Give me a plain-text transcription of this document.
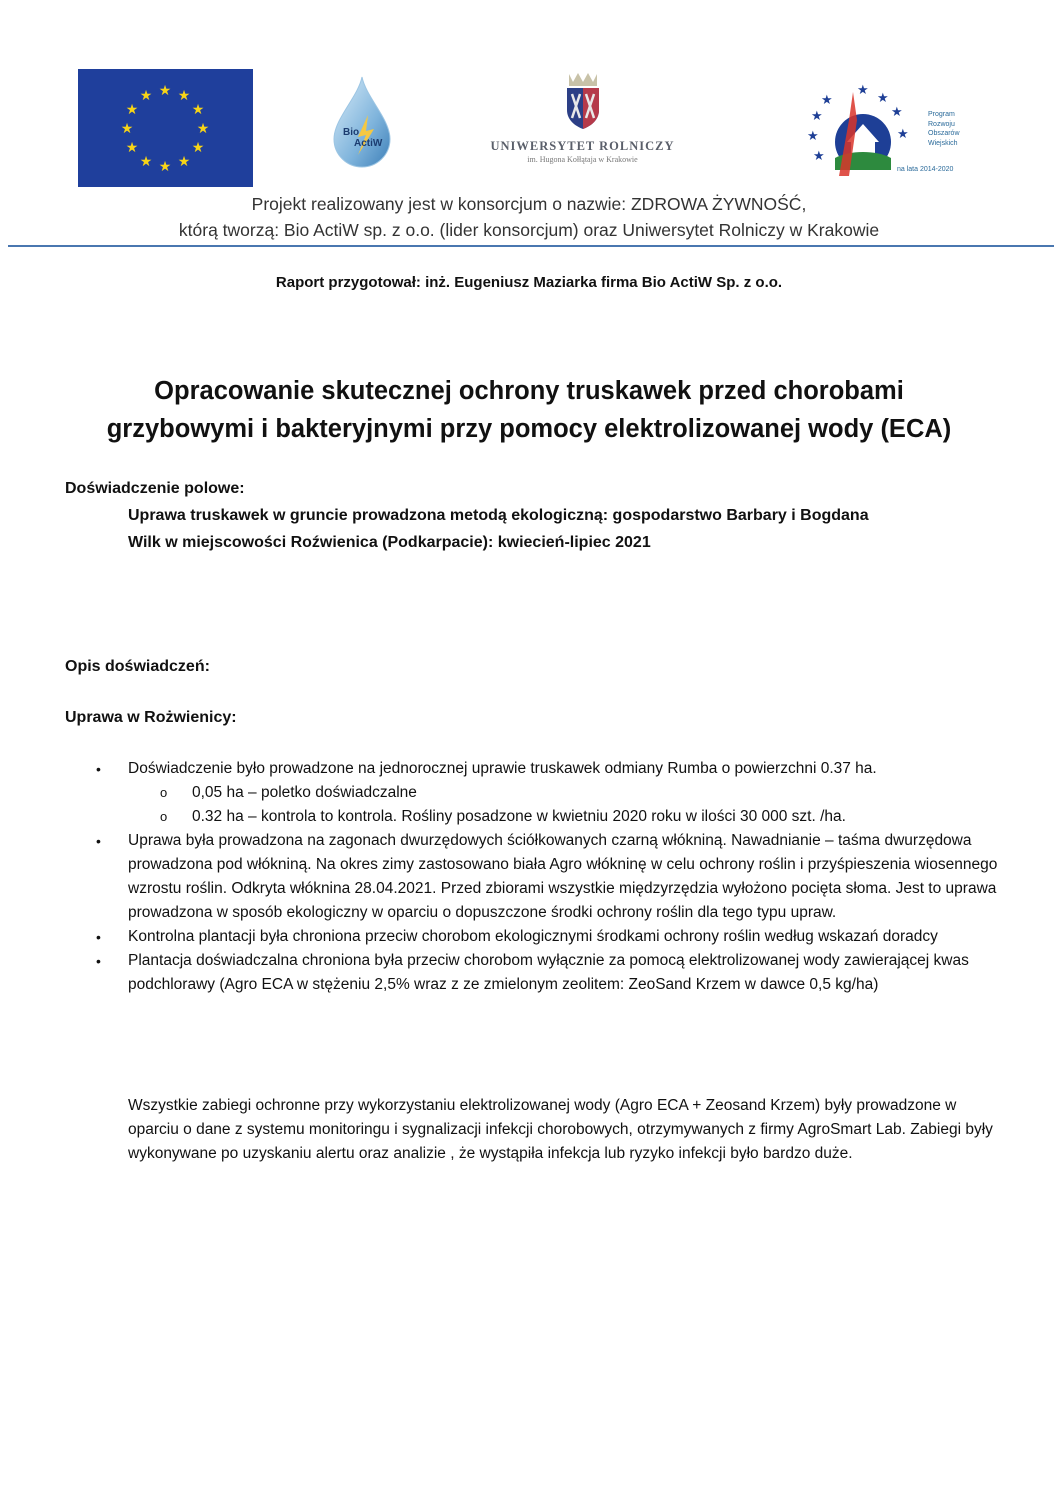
★ ★
★
★
★
★
★
★
★
★
★
★
Bio
ActiW	UNIWERSYTET ROLNICZY
im. Hugona Kołłątaja w Krakowie
★
★
★
★
★
★
★
★
Program
Rozwoju
Obszarów
Wiejskich
na lata 2014-2020
Projekt realizowany jest w konsorcjum o nazwie: ZDROWA ŻYWNOŚĆ,
którą tworzą: Bio ActiW sp. z o.o. (lider konsorcjum) oraz Uniwersytet Rolniczy w Krakowie
Raport przygotował: inż. Eugeniusz Maziarka firma Bio ActiW Sp. z o.o.
Opracowanie skutecznej ochrony truskawek przed chorobami
grzybowymi i bakteryjnymi przy pomocy elektrolizowanej wody (ECA)
Doświadczenie polowe:
Uprawa truskawek w gruncie prowadzona metodą ekologiczną: gospodarstwo Barbary i Bogdana
Wilk w miejscowości Roźwienica (Podkarpacie): kwiecień-lipiec 2021
Opis doświadczeń:
Uprawa w Rożwienicy:
• Doświadczenie było prowadzone na jednorocznej uprawie truskawek odmiany Rumba o powierzchni 0.37 ha.
o 0,05 ha – poletko doświadczalne
o 0.32 ha – kontrola to kontrola. Rośliny posadzone w kwietniu 2020 roku w ilości 30 000 szt. /ha.
• Uprawa była prowadzona na zagonach dwurzędowych ściółkowanych czarną włókniną. Nawadnianie – taśma dwurzędowa prowadzona pod włókniną. Na okres zimy zastosowano biała Agro włókninę w celu ochrony roślin i przyśpieszenia wiosennego wzrostu roślin. Odkryta włóknina 28.04.2021. Przed zbiorami wszystkie międzyrzędzia wyłożono pocięta słoma. Jest to uprawa prowadzona w sposób ekologiczny w oparciu o dopuszczone środki ochrony roślin dla tego typu upraw.
• Kontrolna plantacji była chroniona przeciw chorobom ekologicznymi środkami ochrony roślin według wskazań doradcy
• Plantacja doświadczalna chroniona była przeciw chorobom wyłącznie za pomocą elektrolizowanej wody zawierającej kwas podchlorawy (Agro ECA w stężeniu 2,5% wraz z ze zmielonym zeolitem: ZeoSand Krzem w dawce 0,5 kg/ha)
Wszystkie zabiegi ochronne przy wykorzystaniu elektrolizowanej wody (Agro ECA + Zeosand Krzem) były prowadzone w oparciu o dane z systemu monitoringu i sygnalizacji infekcji chorobowych, otrzymywanych z firmy AgroSmart Lab. Zabiegi były wykonywane po uzyskaniu alertu oraz analizie , że wystąpiła infekcja lub ryzyko infekcji było bardzo duże.
